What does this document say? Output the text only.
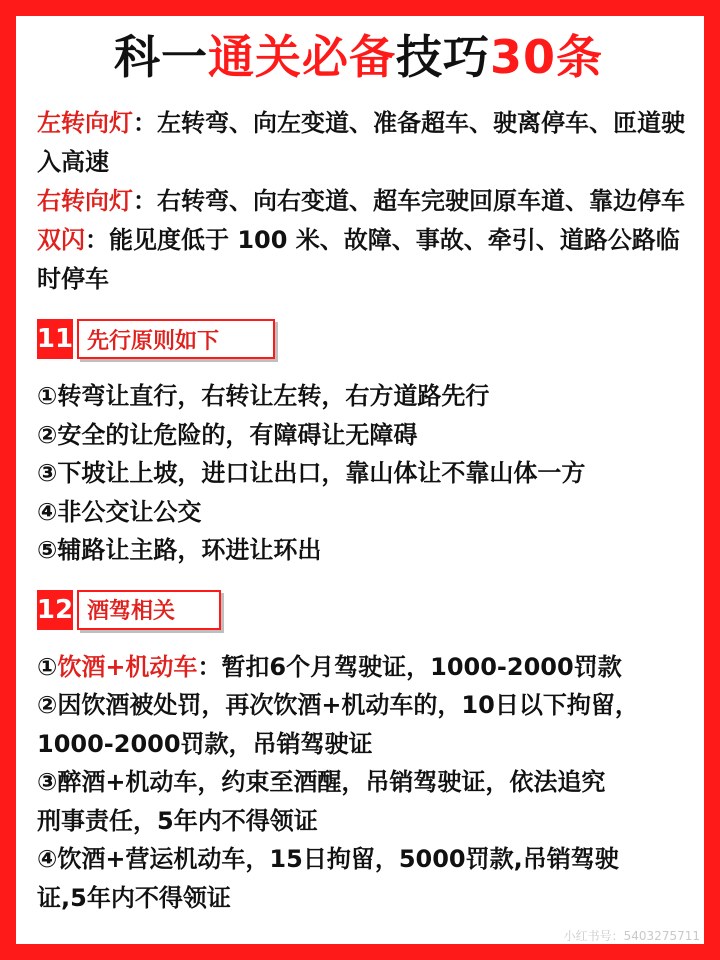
科一通关必备技巧30条

左转向灯：左转弯、向左变道、准备超车、驶离停车、匝道驶入高速

右转向灯：右转弯、向右变道、超车完驶回原车道、靠边停车

双闪：能见度低于 100 米、故障、事故、牵引、道路公路临时停车

11 先行原则如下
①转弯让直行，右转让左转，右方道路先行
②安全的让危险的，有障碍让无障碍
③下坡让上坡，进口让出口，靠山体让不靠山体一方
④非公交让公交
⑤辅路让主路，环进让环出
12 酒驾相关
①饮酒+机动车：暂扣6个月驾驶证，1000-2000罚款
②因饮酒被处罚，再次饮酒+机动车的，10日以下拘留，
1000-2000罚款，吊销驾驶证
③醉酒+机动车，约束至酒醒，吊销驾驶证，依法追究
刑事责任，5年内不得领证
④饮酒+营运机动车，15日拘留，5000罚款,吊销驾驶
证,5年内不得领证
小红书号：5403275711
